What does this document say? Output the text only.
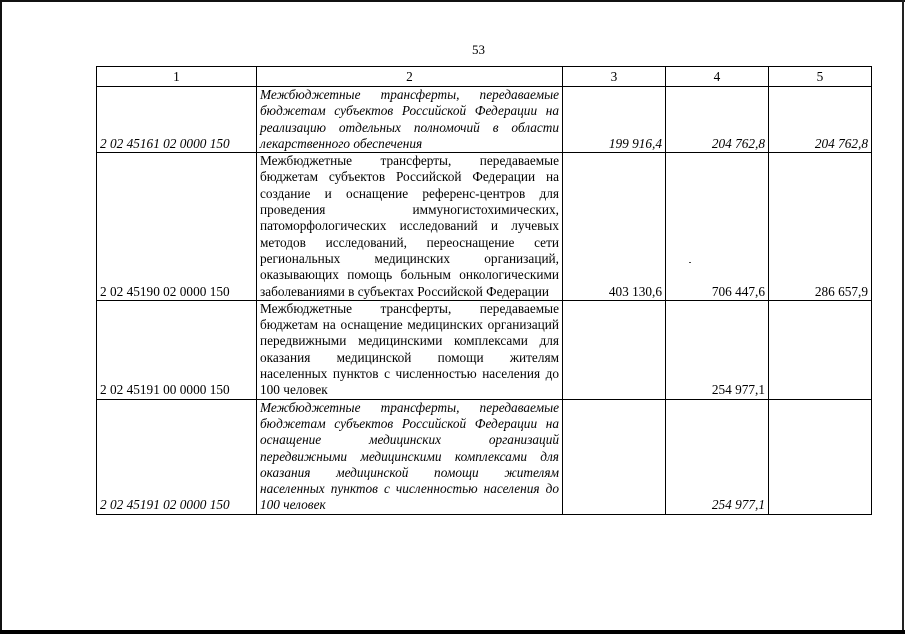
53
1	2	3	4	5
2 02 45161 02 0000 150	Межбюджетные трансферты, передаваемые бюджетам субъектов Российской Федерации на реализацию отдельных полномочий в области лекарственного обеспечения	199 916,4	204 762,8	204 762,8
2 02 45190 02 0000 150	Межбюджетные трансферты, передаваемые бюджетам субъектов Российской Федерации на создание и оснащение референс-центров для проведения иммуногистохимических, патоморфологических исследований и лучевых методов исследований, переоснащение сети региональных медицинских организаций, оказывающих помощь больным онкологическими заболеваниями в субъектах Российской Федерации	403 130,6	706 447,6	286 657,9
2 02 45191 00 0000 150	Межбюджетные трансферты, передаваемые бюджетам на оснащение медицинских организаций передвижными медицинскими комплексами для оказания медицинской помощи жителям населенных пунктов с численностью населения до 100 человек		254 977,1	
2 02 45191 02 0000 150	Межбюджетные трансферты, передаваемые бюджетам субъектов Российской Федерации на оснащение медицинских организаций передвижными медицинскими комплексами для оказания медицинской помощи жителям населенных пунктов с численностью населения до 100 человек		254 977,1	
